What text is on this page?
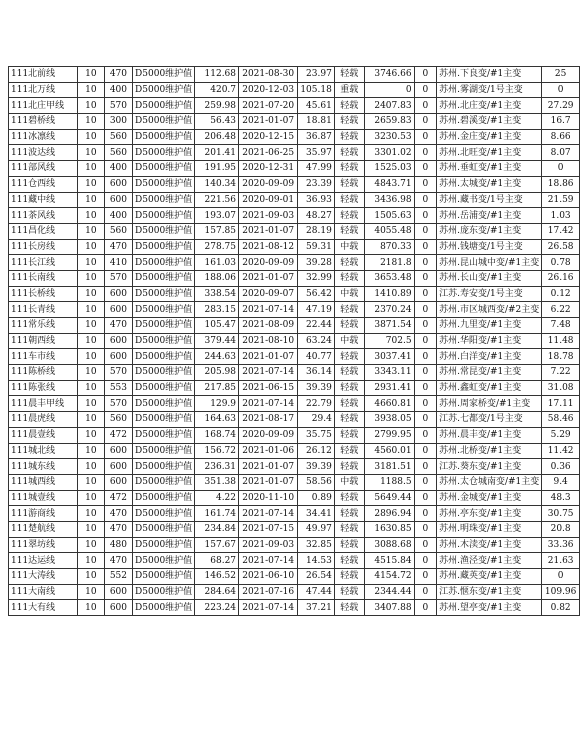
111北前线	10	470	D5000维护值	112.68	2021-08-30	23.97	轻载	3746.66	0	苏州.下良变/#1主变	25
111北万线	10	400	D5000维护值	420.7	2020-12-03	105.18	重载	0	0	苏州.雾湖变/1号主变	0
111北庄甲线	10	570	D5000维护值	259.98	2021-07-20	45.61	轻载	2407.83	0	苏州.北庄变/#1主变	27.29
111碧桥线	10	300	D5000维护值	56.43	2021-01-07	18.81	轻载	2659.83	0	苏州.碧溪变/#1主变	16.7
111冰凛线	10	560	D5000维护值	206.48	2020-12-15	36.87	轻载	3230.53	0	苏州.金庄变/#1主变	8.66
111波达线	10	560	D5000维护值	201.41	2021-06-25	35.97	轻载	3301.02	0	苏州.北旺变/#1主变	8.07
111部风线	10	400	D5000维护值	191.95	2020-12-31	47.99	轻载	1525.03	0	苏州.垂虹变/#1主变	0
111仓西线	10	600	D5000维护值	140.34	2020-09-09	23.39	轻载	4843.71	0	苏州.太城变/#1主变	18.86
111藏中线	10	600	D5000维护值	221.56	2020-09-01	36.93	轻载	3436.98	0	苏州.藏书变/1号主变	21.59
111茶风线	10	400	D5000维护值	193.07	2021-09-03	48.27	轻载	1505.63	0	苏州.岳浦变/#1主变	1.03
111昌化线	10	560	D5000维护值	157.85	2021-01-07	28.19	轻载	4055.48	0	苏州.庞东变/#1主变	17.42
111长房线	10	470	D5000维护值	278.75	2021-08-12	59.31	中载	870.33	0	苏州.钱塘变/1号主变	26.58
111长江线	10	410	D5000维护值	161.03	2020-09-09	39.28	轻载	2181.8	0	苏州.昆山城中变/#1主变	0.78
111长南线	10	570	D5000维护值	188.06	2021-01-07	32.99	轻载	3653.48	0	苏州.长山变/#1主变	26.16
111长桥线	10	600	D5000维护值	338.54	2020-09-07	56.42	中载	1410.89	0	江苏.寿安变/1号主变	0.12
111长青线	10	600	D5000维护值	283.15	2021-07-14	47.19	轻载	2370.24	0	苏州.市区城西变/#2主变	6.22
111常乐线	10	470	D5000维护值	105.47	2021-08-09	22.44	轻载	3871.54	0	苏州.九里变/#1主变	7.48
111朝西线	10	600	D5000维护值	379.44	2021-08-10	63.24	中载	702.5	0	苏州.华阳变/#1主变	11.48
111车市线	10	600	D5000维护值	244.63	2021-01-07	40.77	轻载	3037.41	0	苏州.白洋变/#1主变	18.78
111陈桥线	10	570	D5000维护值	205.98	2021-07-14	36.14	轻载	3343.11	0	苏州.常昆变/#1主变	7.22
111陈张线	10	553	D5000维护值	217.85	2021-06-15	39.39	轻载	2931.41	0	苏州.鑫虹变/#1主变	31.08
111晨丰甲线	10	570	D5000维护值	129.9	2021-07-14	22.79	轻载	4660.81	0	苏州.周家桥变/#1主变	17.11
111晨虎线	10	560	D5000维护值	164.63	2021-08-17	29.4	轻载	3938.05	0	江苏.七都变/1号主变	58.46
111晨壹线	10	472	D5000维护值	168.74	2020-09-09	35.75	轻载	2799.95	0	苏州.晨丰变/#1主变	5.29
111城北线	10	600	D5000维护值	156.72	2021-01-06	26.12	轻载	4560.01	0	苏州.北桥变/#1主变	11.42
111城东线	10	600	D5000维护值	236.31	2021-01-07	39.39	轻载	3181.51	0	江苏.葵东变/#1主变	0.36
111城西线	10	600	D5000维护值	351.38	2021-01-07	58.56	中载	1188.5	0	苏州.太仓城南变/#1主变	9.4
111城壹线	10	472	D5000维护值	4.22	2020-11-10	0.89	轻载	5649.44	0	苏州.金城变/#1主变	48.3
111游商线	10	470	D5000维护值	161.74	2021-07-14	34.41	轻载	2896.94	0	苏州.亭东变/#1主变	30.75
111楚航线	10	470	D5000维护值	234.84	2021-07-15	49.97	轻载	1630.85	0	苏州.明珠变/#1主变	20.8
111翠坊线	10	480	D5000维护值	157.67	2021-09-03	32.85	轻载	3088.68	0	苏州.木渎变/#1主变	33.36
111达运线	10	470	D5000维护值	68.27	2021-07-14	14.53	轻载	4515.84	0	苏州.渔泾变/#1主变	21.63
111大涛线	10	552	D5000维护值	146.52	2021-06-10	26.54	轻载	4154.72	0	苏州.藏英变/#1主变	0
111大南线	10	600	D5000维护值	284.64	2021-07-16	47.44	轻载	2344.44	0	江苏.惬东变/#1主变	109.96
111大有线	10	600	D5000维护值	223.24	2021-07-14	37.21	轻载	3407.88	0	苏州.望亭变/#1主变	0.82
